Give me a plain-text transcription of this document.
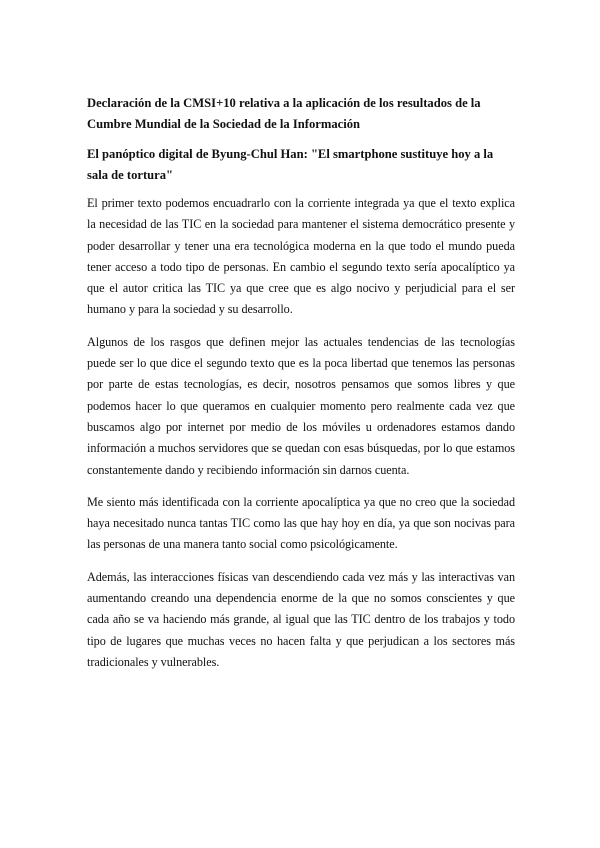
Declaración de la CMSI+10 relativa a la aplicación de los resultados de la Cumbre Mundial de la Sociedad de la Información

El panóptico digital de Byung-Chul Han: "El smartphone sustituye hoy a la sala de tortura"

El primer texto podemos encuadrarlo con la corriente integrada ya que el texto explica la necesidad de las TIC en la sociedad para mantener el sistema democrático presente y poder desarrollar y tener una era tecnológica moderna en la que todo el mundo pueda tener acceso a todo tipo de personas. En cambio el segundo texto sería apocalíptico ya que el autor critica las TIC ya que cree que es algo nocivo y perjudicial para el ser humano y para la sociedad y su desarrollo.

Algunos de los rasgos que definen mejor las actuales tendencias de las tecnologías puede ser lo que dice el segundo texto que es la poca libertad que tenemos las personas por parte de estas tecnologías, es decir, nosotros pensamos que somos libres y que podemos hacer lo que queramos en cualquier momento pero realmente cada vez que buscamos algo por internet por medio de los móviles u ordenadores estamos dando información a muchos servidores que se quedan con esas búsquedas, por lo que estamos constantemente dando y recibiendo información sin darnos cuenta.

Me siento más identificada con la corriente apocalíptica ya que no creo que la sociedad haya necesitado nunca tantas TIC como las que hay hoy en día, ya que son nocivas para las personas de una manera tanto social como psicológicamente.

Además, las interacciones físicas van descendiendo cada vez más y las interactivas van aumentando creando una dependencia enorme de la que no somos conscientes y que cada año se va haciendo más grande, al igual que las TIC dentro de los trabajos y todo tipo de lugares que muchas veces no hacen falta y que perjudican a los sectores más tradicionales y vulnerables.
